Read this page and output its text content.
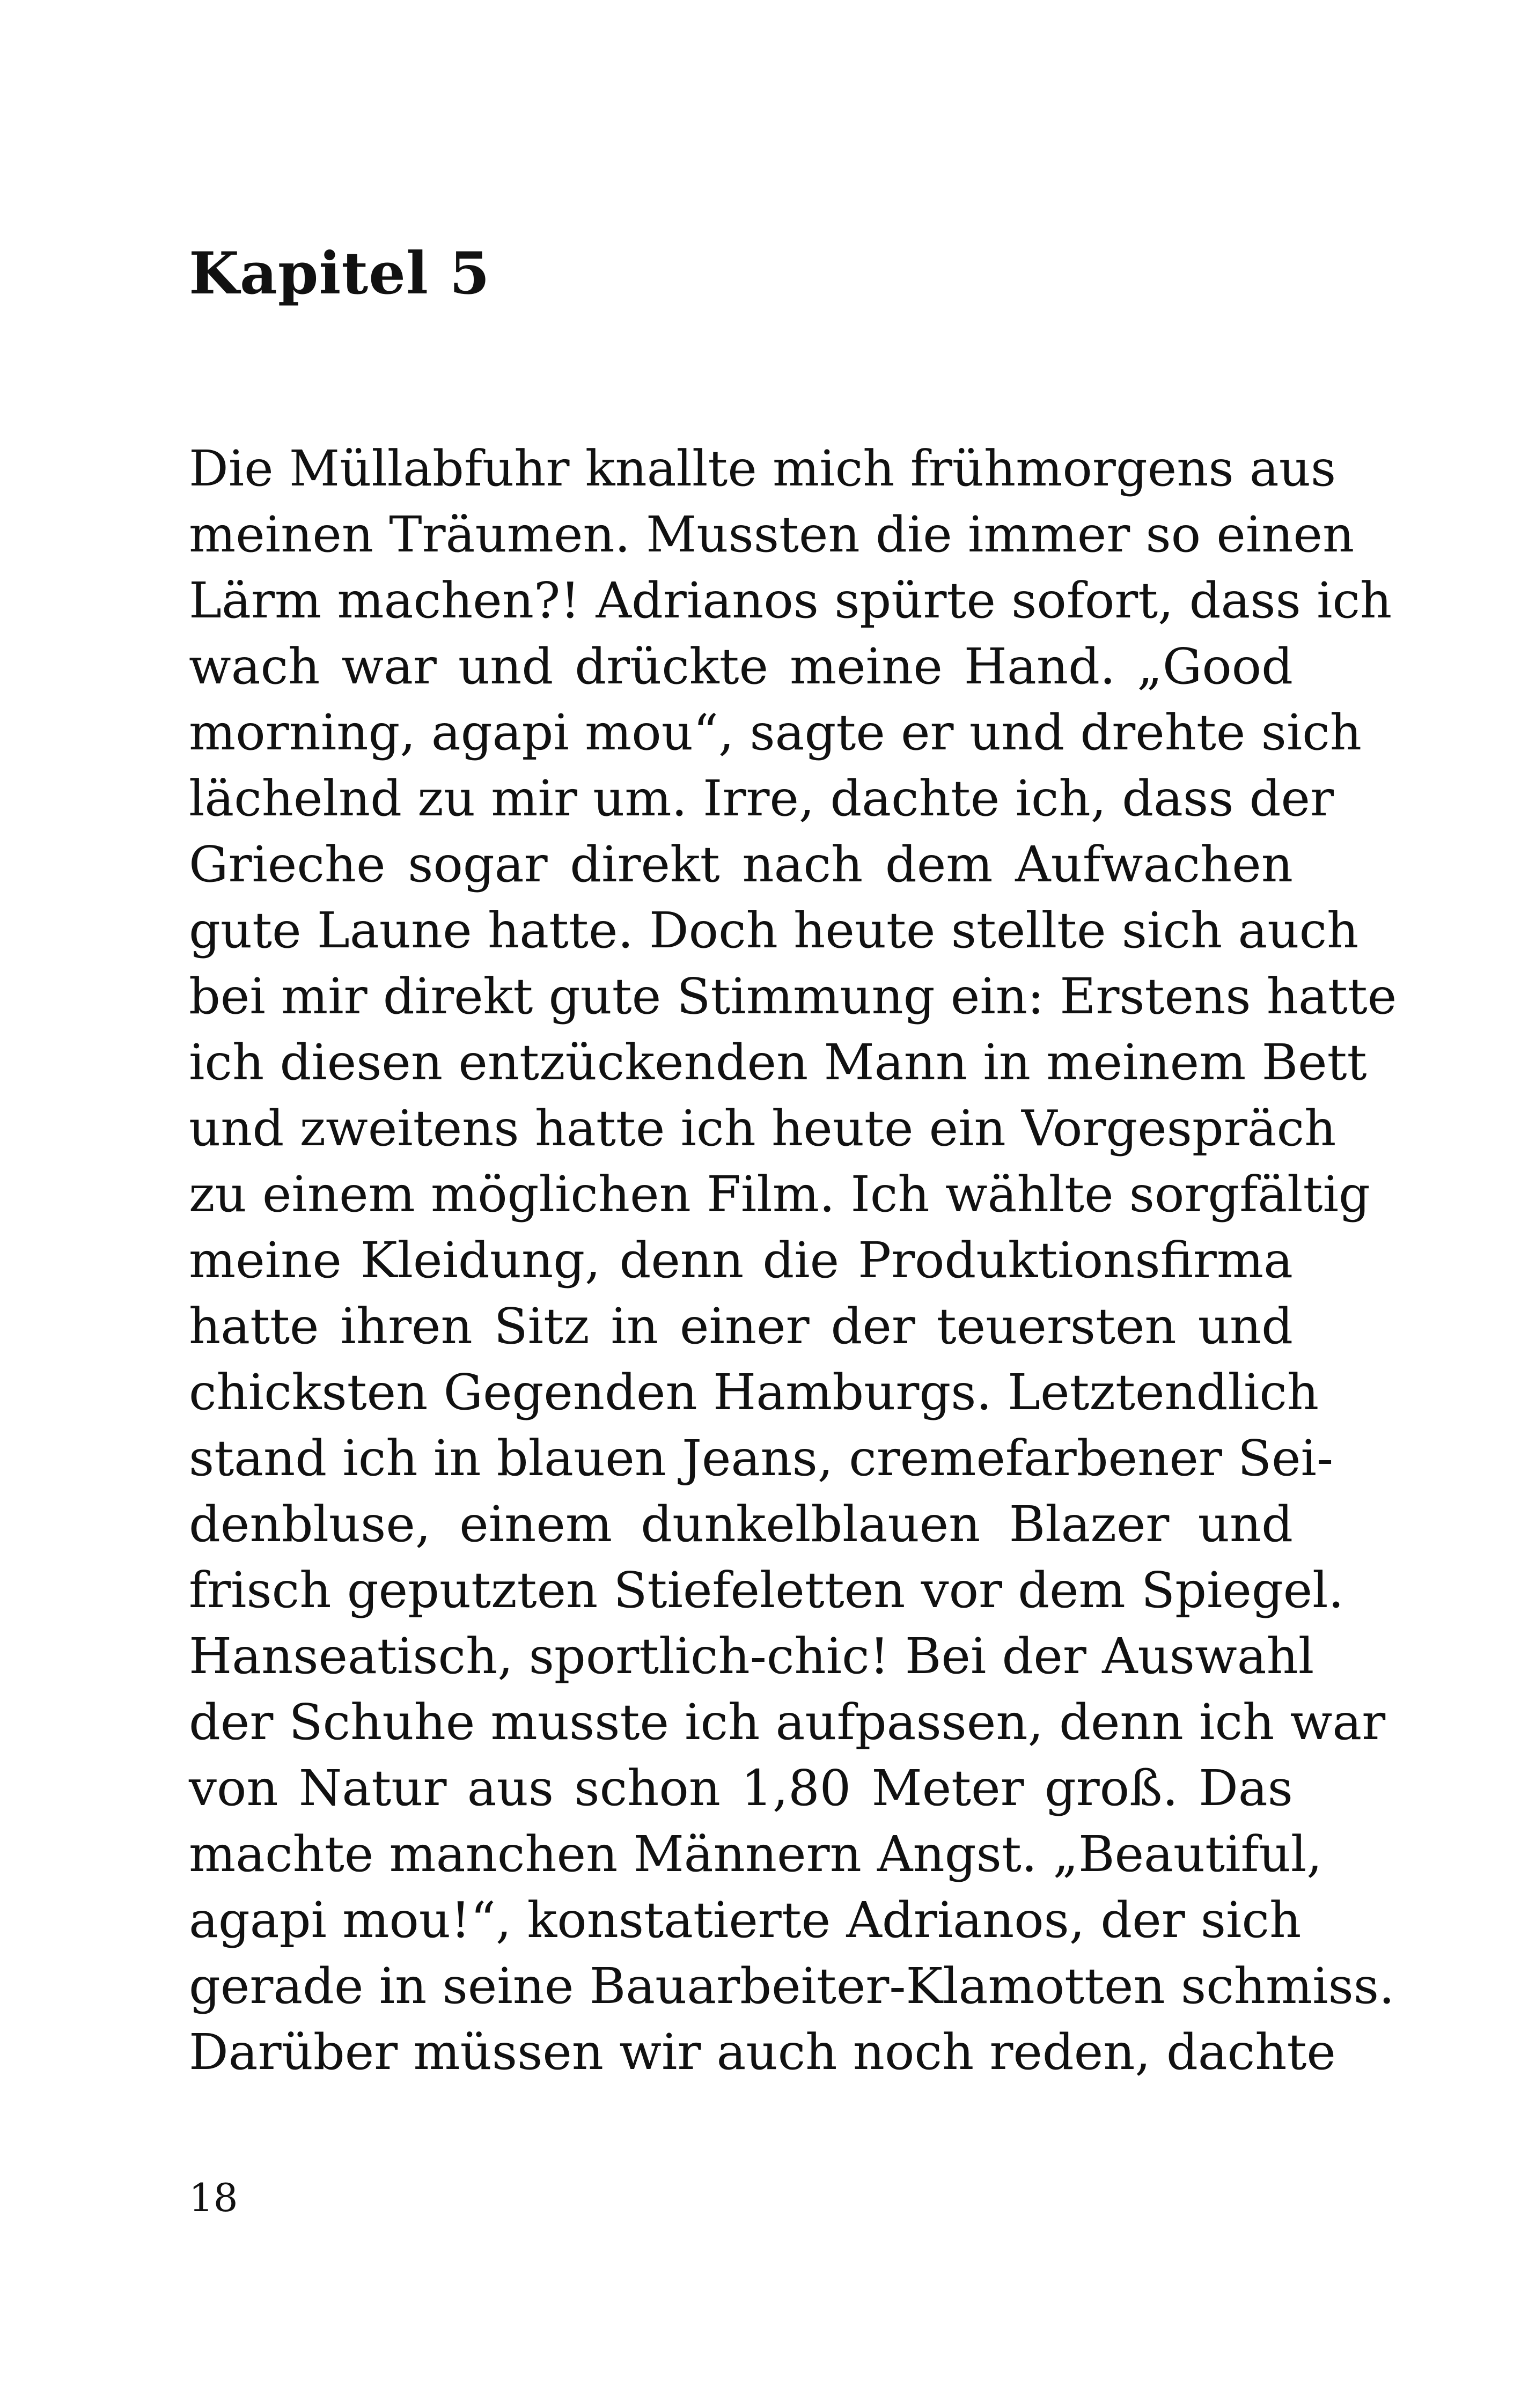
Kapitel 5
Die Müllabfuhr knallte mich frühmorgens aus
meinen Träumen. Mussten die immer so einen
Lärm machen?! Adrianos spürte sofort, dass ich
wach war und drückte meine Hand. „Good
morning, agapi mou“, sagte er und drehte sich
lächelnd zu mir um. Irre, dachte ich, dass der
Grieche sogar direkt nach dem Aufwachen
gute Laune hatte. Doch heute stellte sich auch
bei mir direkt gute Stimmung ein: Erstens hatte
ich diesen entzückenden Mann in meinem Bett
und zweitens hatte ich heute ein Vorgespräch
zu einem möglichen Film. Ich wählte sorgfältig
meine Kleidung, denn die Produktionsfirma
hatte ihren Sitz in einer der teuersten und
chicksten Gegenden Hamburgs. Letztendlich
stand ich in blauen Jeans, cremefarbener Sei-
denbluse, einem dunkelblauen Blazer und
frisch geputzten Stiefeletten vor dem Spiegel.
Hanseatisch, sportlich-chic! Bei der Auswahl
der Schuhe musste ich aufpassen, denn ich war
von Natur aus schon 1,80 Meter groß. Das
machte manchen Männern Angst. „Beautiful,
agapi mou!“, konstatierte Adrianos, der sich
gerade in seine Bauarbeiter-Klamotten schmiss.
Darüber müssen wir auch noch reden, dachte
18
